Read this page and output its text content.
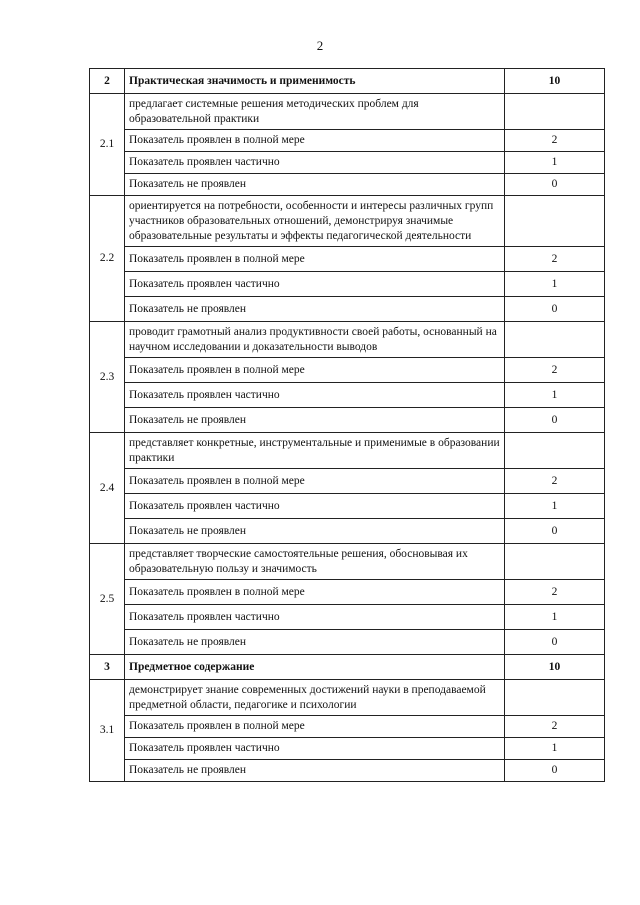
2
2	Практическая значимость и применимость	10
2.1	предлагает системные решения методических проблем для образовательной практики	
	Показатель проявлен в полной мере	2
	Показатель проявлен частично	1
	Показатель не проявлен	0
2.2	ориентируется на потребности, особенности и интересы различных групп участников образовательных отношений, демонстрируя значимые образовательные результаты и эффекты педагогической деятельности	
	Показатель проявлен в полной мере	2
	Показатель проявлен частично	1
	Показатель не проявлен	0
2.3	проводит грамотный анализ продуктивности своей работы, основанный на научном исследовании и доказательности выводов	
	Показатель проявлен в полной мере	2
	Показатель проявлен частично	1
	Показатель не проявлен	0
2.4	представляет конкретные, инструментальные и применимые в образовании практики	
	Показатель проявлен в полной мере	2
	Показатель проявлен частично	1
	Показатель не проявлен	0
2.5	представляет творческие самостоятельные решения, обосновывая их образовательную пользу и значимость	
	Показатель проявлен в полной мере	2
	Показатель проявлен частично	1
	Показатель не проявлен	0
3	Предметное содержание	10
3.1	демонстрирует знание современных достижений науки в преподаваемой предметной области, педагогике и психологии	
	Показатель проявлен в полной мере	2
	Показатель проявлен частично	1
	Показатель не проявлен	0
